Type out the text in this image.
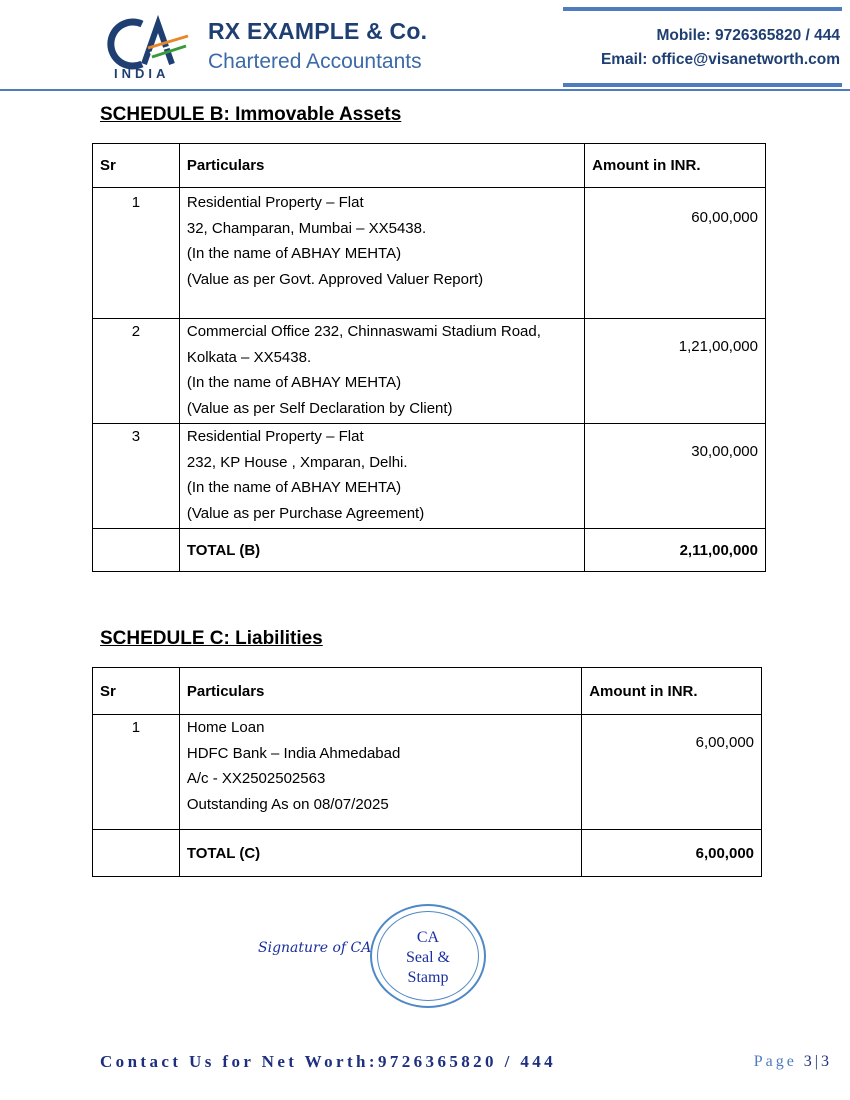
INDIA
RX EXAMPLE & Co.
Chartered Accountants
Mobile: 9726365820 / 444
Email: office@visanetworth.com
SCHEDULE B: Immovable Assets
Sr	Particulars	Amount in INR.

1	Residential Property – Flat
32, Champaran, Mumbai – XX5438.
(In the name of ABHAY MEHTA)
(Value as per Govt. Approved Valuer Report)	60,00,000

2	Commercial Office 232, Chinnaswami Stadium Road,
Kolkata – XX5438.
(In the name of ABHAY MEHTA)
(Value as per Self Declaration by Client)	1,21,00,000

3	Residential Property – Flat
232, KP House , Xmparan, Delhi.
(In the name of ABHAY MEHTA)
(Value as per Purchase Agreement)	30,00,000

	TOTAL (B)	2,11,00,000
SCHEDULE C: Liabilities
Sr	Particulars	Amount in INR.

1	Home Loan
HDFC Bank – India Ahmedabad
A/c - XX2502502563
Outstanding As on 08/07/2025	6,00,000

	TOTAL (C)	6,00,000
Signature of CA
CA
Seal &
Stamp
Contact Us for Net Worth:9726365820 / 444	Page 3|3
